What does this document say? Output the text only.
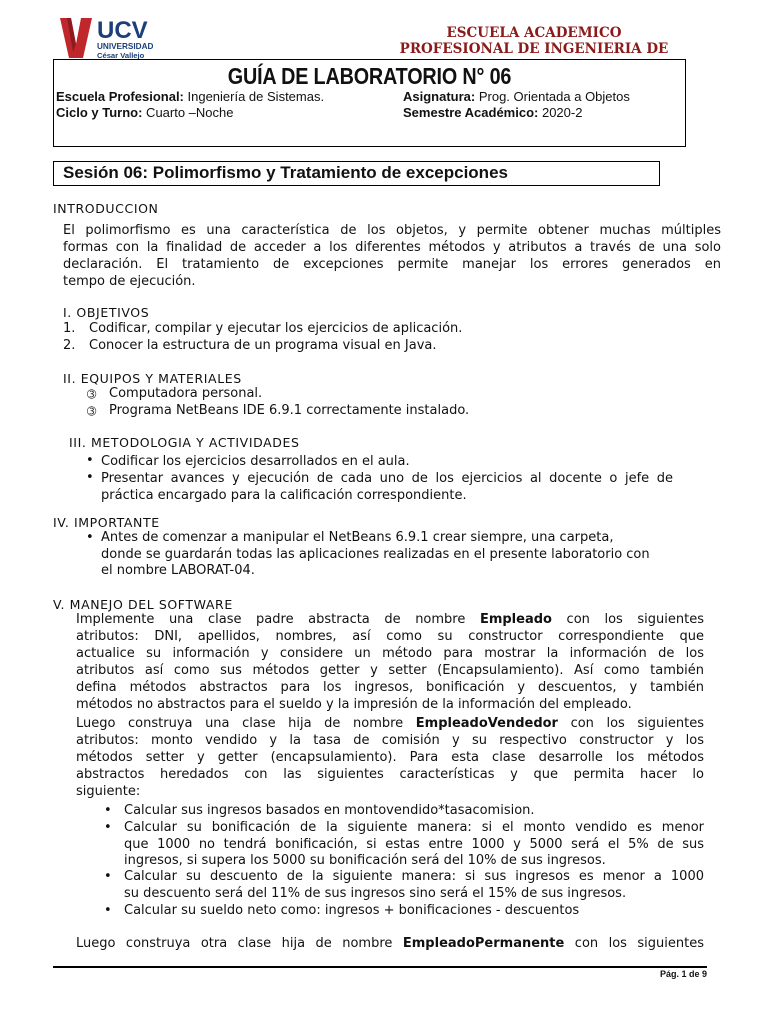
UCV
UNIVERSIDAD
César Vallejo
ESCUELA ACADEMICO
PROFESIONAL DE INGENIERIA DE
GUÍA DE LABORATORIO N° 06
Escuela Profesional: Ingeniería de Sistemas.	Asignatura: Prog. Orientada a Objetos
Ciclo y Turno: Cuarto –Noche	Semestre Académico: 2020-2
Sesión 06: Polimorfismo y Tratamiento de excepciones
INTRODUCCION
El polimorfismo es una característica de los objetos, y permite obtener muchas múltiples
formas con la finalidad de acceder a los diferentes métodos y atributos a través de una solo
declaración. El tratamiento de excepciones permite manejar los errores generados en
tempo de ejecución.
I. OBJETIVOS
1. Codificar, compilar y ejecutar los ejercicios de aplicación.
2. Conocer la estructura de un programa visual en Java.
II. EQUIPOS Y MATERIALES
➂ Computadora personal.
➂ Programa NetBeans IDE 6.9.1 correctamente instalado.
III. METODOLOGIA Y ACTIVIDADES
• Codificar los ejercicios desarrollados en el aula.
• Presentar avances y ejecución de cada uno de los ejercicios al docente o jefe de
práctica encargado para la calificación correspondiente.
IV. IMPORTANTE
• Antes de comenzar a manipular el NetBeans 6.9.1 crear siempre, una carpeta,
donde se guardarán todas las aplicaciones realizadas en el presente laboratorio con
el nombre LABORAT-04.
V. MANEJO DEL SOFTWARE
Implemente una clase padre abstracta de nombre Empleado con los siguientes
atributos: DNI, apellidos, nombres, así como su constructor correspondiente que
actualice su información y considere un método para mostrar la información de los
atributos así como sus métodos getter y setter (Encapsulamiento). Así como también
defina métodos abstractos para los ingresos, bonificación y descuentos, y también
métodos no abstractos para el sueldo y la impresión de la información del empleado.
Luego construya una clase hija de nombre EmpleadoVendedor con los siguientes
atributos: monto vendido y la tasa de comisión y su respectivo constructor y los
métodos setter y getter (encapsulamiento). Para esta clase desarrolle los métodos
abstractos heredados con las siguientes características y que permita hacer lo
siguiente:
• Calcular sus ingresos basados en montovendido*tasacomision.
• Calcular su bonificación de la siguiente manera: si el monto vendido es menor
que 1000 no tendrá bonificación, si estas entre 1000 y 5000 será el 5% de sus
ingresos, si supera los 5000 su bonificación será del 10% de sus ingresos.
• Calcular su descuento de la siguiente manera: si sus ingresos es menor a 1000
su descuento será del 11% de sus ingresos sino será el 15% de sus ingresos.
• Calcular su sueldo neto como: ingresos + bonificaciones - descuentos
Luego construya otra clase hija de nombre EmpleadoPermanente con los siguientes
Pág. 1 de 9
